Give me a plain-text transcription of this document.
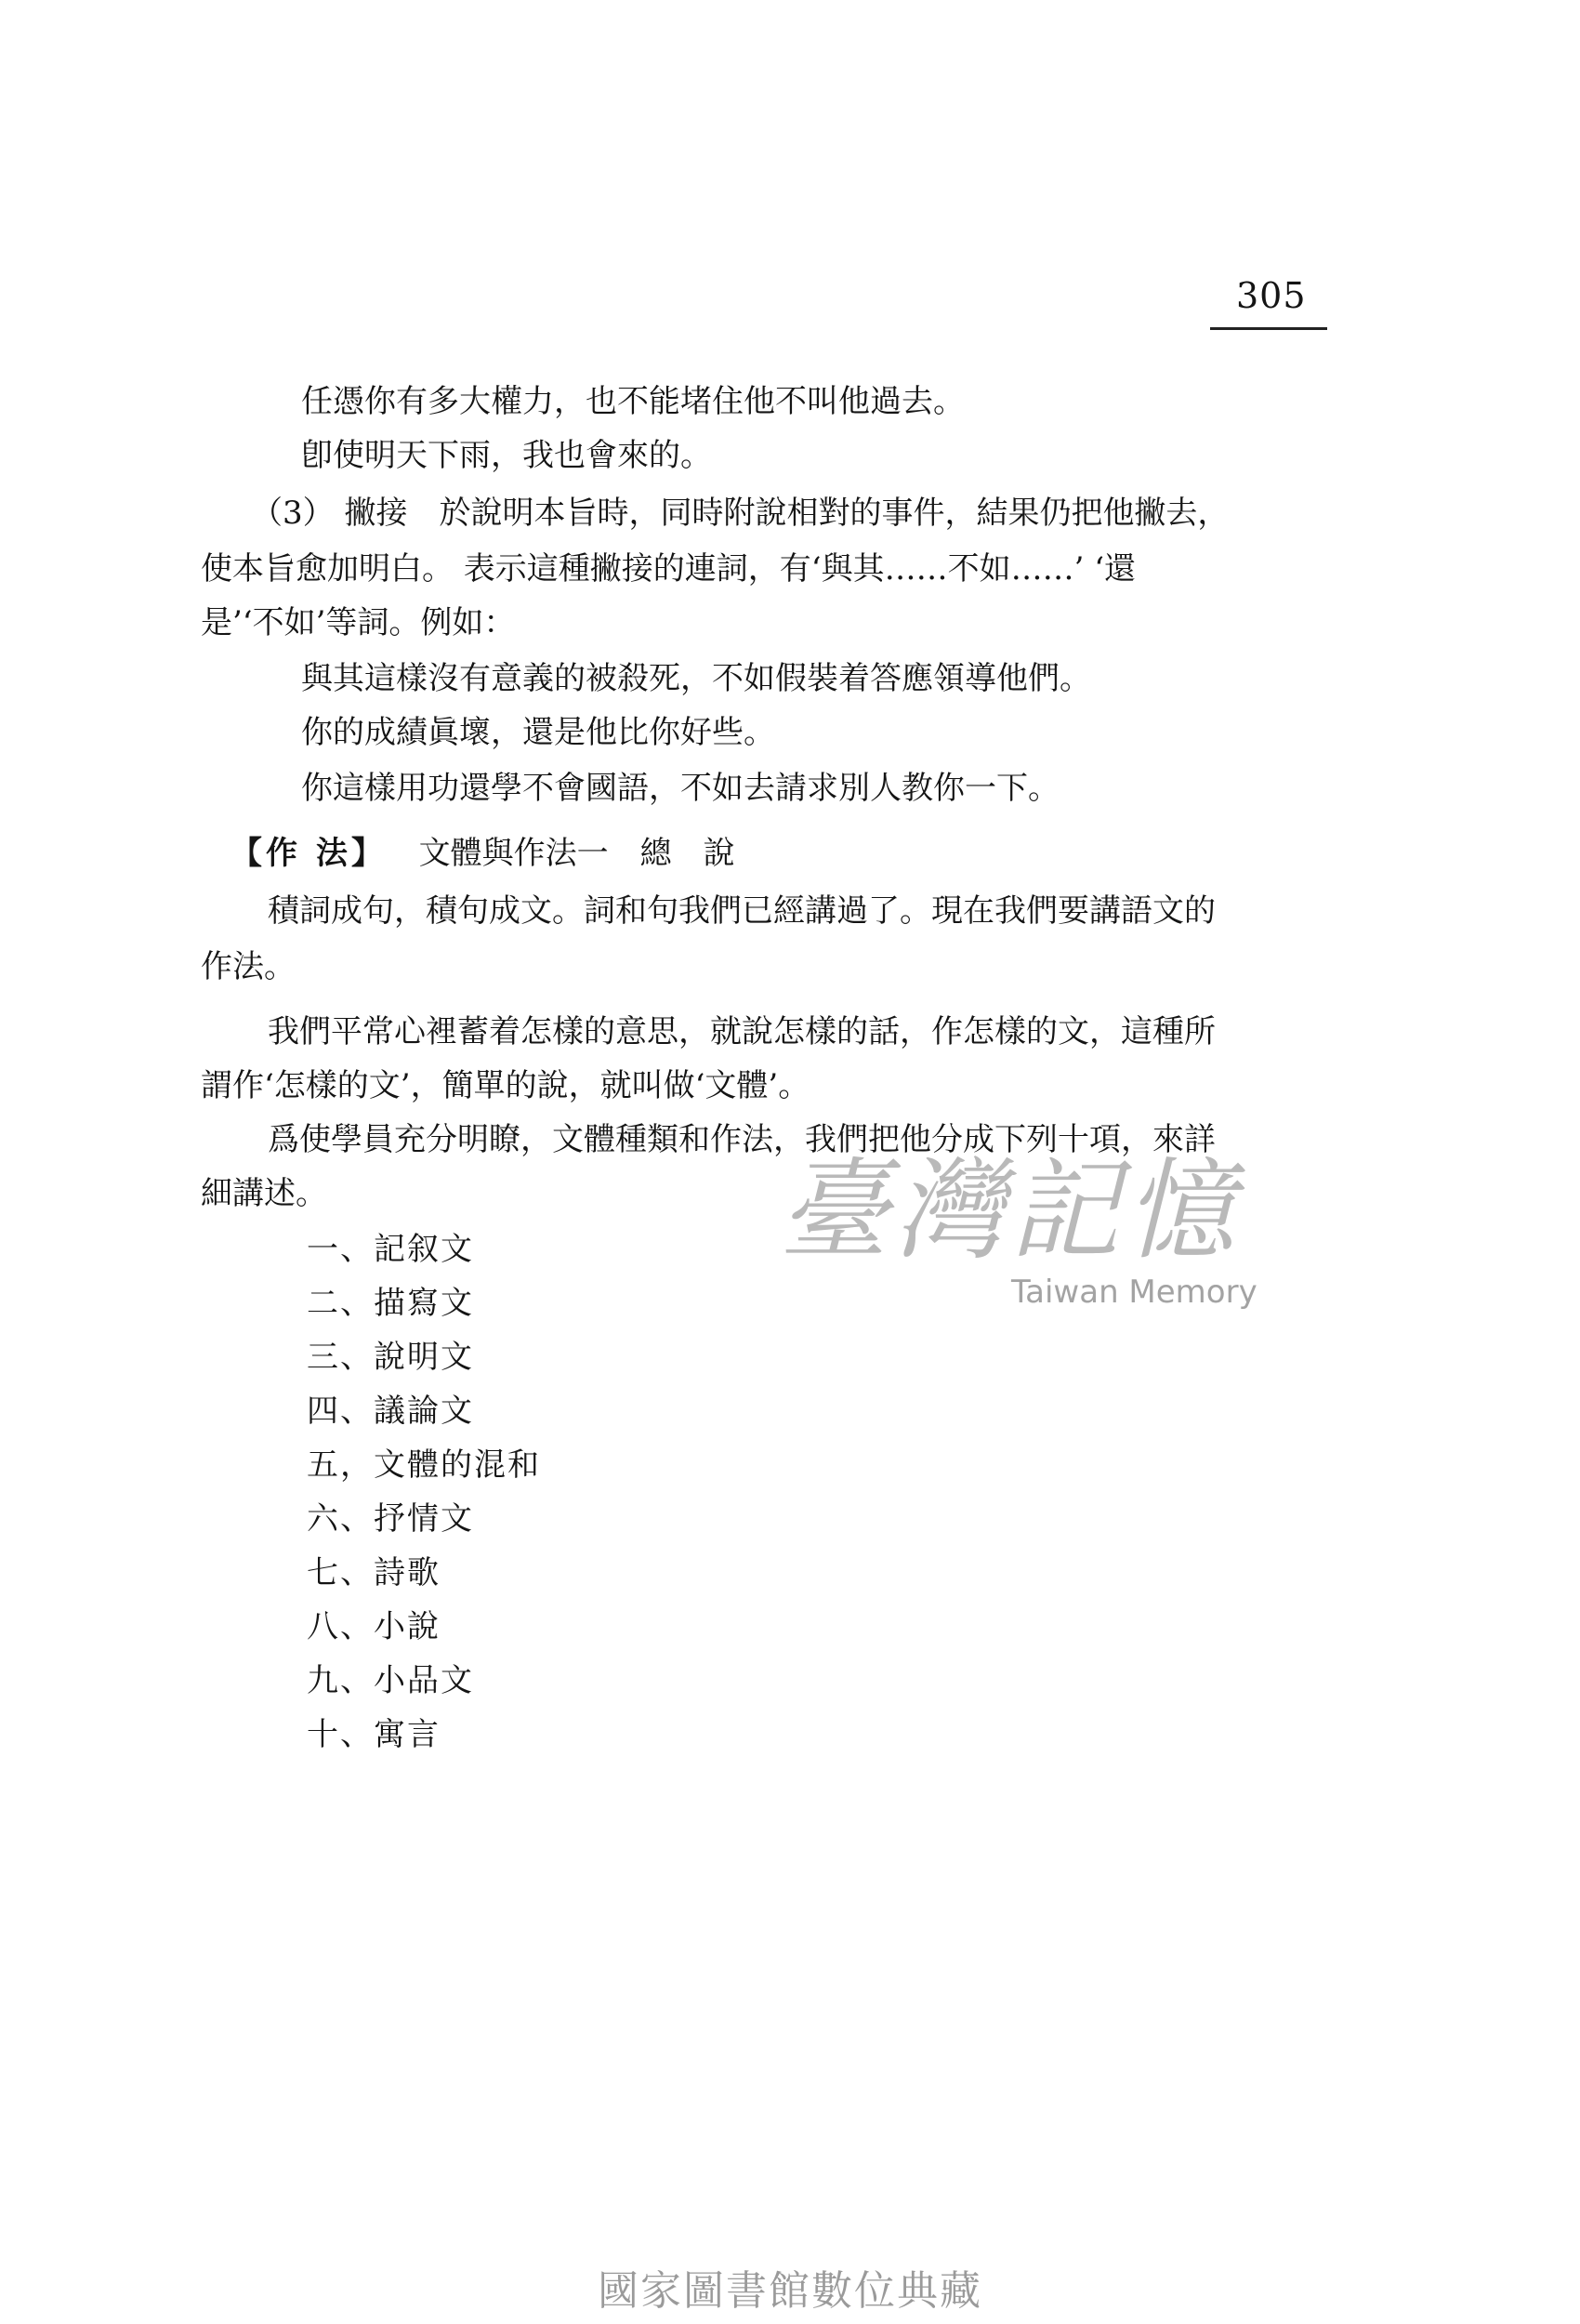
305
任憑你有多大權力，也不能堵住他不叫他過去。
卽使明天下雨，我也會來的。
（3） 撇接　於說明本旨時，同時附說相對的事件，結果仍把他撇去，
使本旨愈加明白。 表示這種撇接的連詞，有‘與其……不如……’ ‘還
是’‘不如’等詞。例如：
與其這樣沒有意義的被殺死，不如假裝着答應領導他們。
你的成績眞壞，還是他比你好些。
你這樣用功還學不會國語，不如去請求別人教你一下。
【作 法】 文體與作法一　總　說
積詞成句，積句成文。詞和句我們已經講過了。現在我們要講語文的
作法。
我們平常心裡蓄着怎樣的意思，就說怎樣的話，作怎樣的文，這種所
謂作‘怎樣的文’，簡單的說，就叫做‘文體’。
爲使學員充分明瞭，文體種類和作法，我們把他分成下列十項，來詳
細講述。
一、記叙文
二、描寫文
三、說明文
四、議論文
五，文體的混和
六、抒情文
七、詩歌
八、小說
九、小品文
十、寓言
臺灣記憶
Taiwan Memory
國家圖書館數位典藏
